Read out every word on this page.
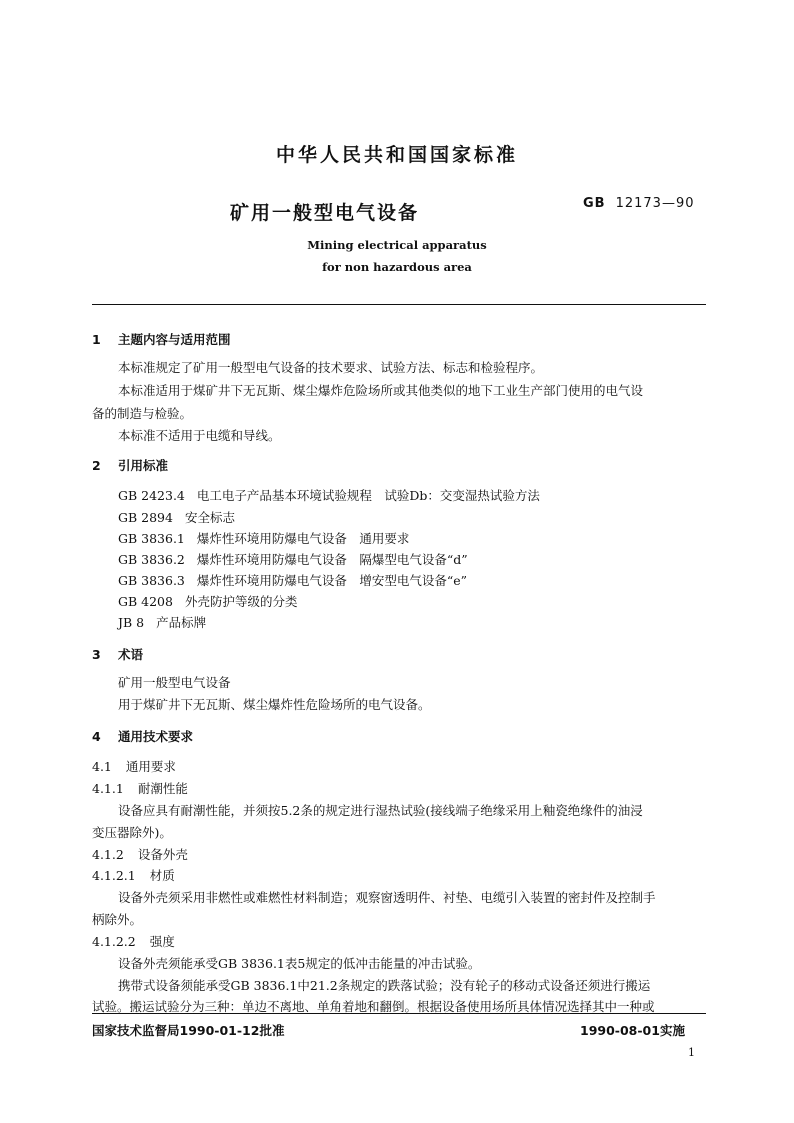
中华人民共和国国家标准
矿用一般型电气设备	GB 12173—90
Mining electrical apparatus
for non hazardous area
1 主题内容与适用范围
本标准规定了矿用一般型电气设备的技术要求、试验方法、标志和检验程序。
本标准适用于煤矿井下无瓦斯、煤尘爆炸危险场所或其他类似的地下工业生产部门使用的电气设
备的制造与检验。
本标准不适用于电缆和导线。
2 引用标准
GB 2423.4 电工电子产品基本环境试验规程　试验Db：交变湿热试验方法
GB 2894 安全标志
GB 3836.1 爆炸性环境用防爆电气设备　通用要求
GB 3836.2 爆炸性环境用防爆电气设备　隔爆型电气设备“d”
GB 3836.3 爆炸性环境用防爆电气设备　增安型电气设备“e”
GB 4208 外壳防护等级的分类
JB 8 产品标牌
3 术语
矿用一般型电气设备
用于煤矿井下无瓦斯、煤尘爆炸性危险场所的电气设备。
4 通用技术要求
4.1 通用要求
4.1.1 耐潮性能
设备应具有耐潮性能，并须按5.2条的规定进行湿热试验(接线端子绝缘采用上釉瓷绝缘件的油浸
变压器除外)。
4.1.2 设备外壳
4.1.2.1 材质
设备外壳须采用非燃性或难燃性材料制造；观察窗透明件、衬垫、电缆引入装置的密封件及控制手
柄除外。
4.1.2.2 强度
设备外壳须能承受GB 3836.1表5规定的低冲击能量的冲击试验。
携带式设备须能承受GB 3836.1中21.2条规定的跌落试验；没有轮子的移动式设备还须进行搬运
试验。搬运试验分为三种：单边不离地、单角着地和翻倒。根据设备使用场所具体情况选择其中一种或
国家技术监督局1990-01-12批准	1990-08-01实施
1
